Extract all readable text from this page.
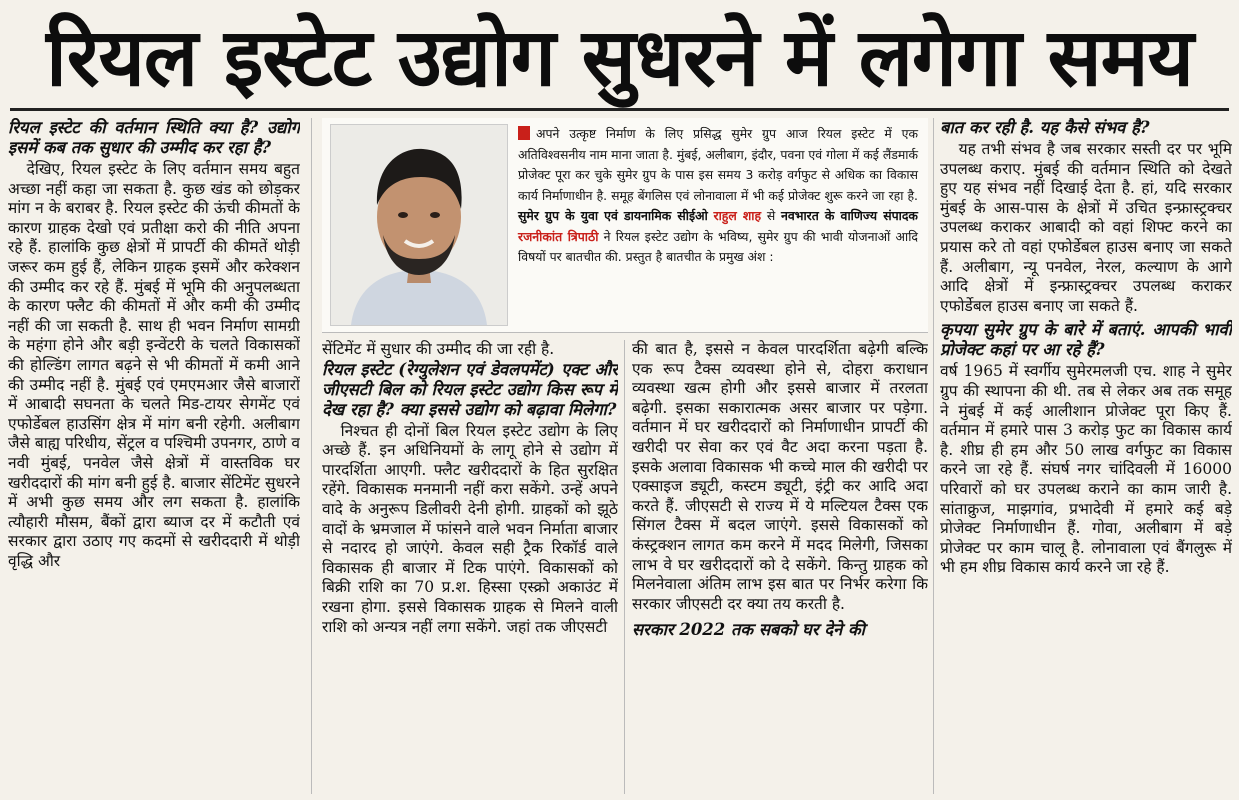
रियल इस्टेट उद्योग सुधरने में लगेगा समय

रियल इस्टेट की वर्तमान स्थिति क्या है? उद्योग इसमें कब तक सुधार की उम्मीद कर रहा है?

देखिए, रियल इस्टेट के लिए वर्तमान समय बहुत अच्छा नहीं कहा जा सकता है. कुछ खंड को छोड़कर मांग न के बराबर है. रियल इस्टेट की ऊंची कीमतों के कारण ग्राहक देखो एवं प्रतीक्षा करो की नीति अपना रहे हैं. हालांकि कुछ क्षेत्रों में प्रापर्टी की कीमतें थोड़ी जरूर कम हुई हैं, लेकिन ग्राहक इसमें और करेक्शन की उम्मीद कर रहे हैं. मुंबई में भूमि की अनुपलब्धता के कारण फ्लैट की कीमतों में और कमी की उम्मीद नहीं की जा सकती है. साथ ही भवन निर्माण सामग्री के महंगा होने और बड़ी इन्वेंटरी के चलते विकासकों की होल्डिंग लागत बढ़ने से भी कीमतों में कमी आने की उम्मीद नहीं है. मुंबई एवं एमएमआर जैसे बाजारों में आबादी सघनता के चलते मिड-टायर सेगमेंट एवं एफोर्डेबल हाउसिंग क्षेत्र में मांग बनी रहेगी. अलीबाग जैसे बाह्य परिधीय, सेंट्रल व पश्चिमी उपनगर, ठाणे व नवी मुंबई, पनवेल जैसे क्षेत्रों में वास्तविक घर खरीददारों की मांग बनी हुई है. बाजार सेंटिमेंट सुधरने में अभी कुछ समय और लग सकता है. हालांकि त्यौहारी मौसम, बैंकों द्वारा ब्याज दर में कटौती एवं सरकार द्वारा उठाए गए कदमों से खरीददारी में थोड़ी वृद्धि और

अपने उत्कृष्ट निर्माण के लिए प्रसिद्ध सुमेर ग्रुप आज रियल इस्टेट में एक अतिविश्वसनीय नाम माना जाता है. मुंबई, अलीबाग, इंदौर, पवना एवं गोला में कई लैंडमार्क प्रोजेक्ट पूरा कर चुके सुमेर ग्रुप के पास इस समय 3 करोड़ वर्गफुट से अधिक का विकास कार्य निर्माणाधीन है. समूह बेंगलिस एवं लोनावाला में भी कई प्रोजेक्ट शुरू करने जा रहा है. सुमेर ग्रुप के युवा एवं डायनामिक सीईओ राहुल शाह से नवभारत के वाणिज्य संपादक रजनीकांत त्रिपाठी ने रियल इस्टेट उद्योग के भविष्य, सुमेर ग्रुप की भावी योजनाओं आदि विषयों पर बातचीत की. प्रस्तुत है बातचीत के प्रमुख अंश :

सेंटिमेंट में सुधार की उम्मीद की जा रही है.

रियल इस्टेट (रेग्युलेशन एवं डेवलपमेंट) एक्ट और जीएसटी बिल को रियल इस्टेट उद्योग किस रूप में देख रहा है? क्या इससे उद्योग को बढ़ावा मिलेगा?

निश्चत ही दोनों बिल रियल इस्टेट उद्योग के लिए अच्छे हैं. इन अधिनियमों के लागू होने से उद्योग में पारदर्शिता आएगी. फ्लैट खरीददारों के हित सुरक्षित रहेंगे. विकासक मनमानी नहीं करा सकेंगे. उन्हें अपने वादे के अनुरूप डिलीवरी देनी होगी. ग्राहकों को झूठे वादों के भ्रमजाल में फांसने वाले भवन निर्माता बाजार से नदारद हो जाएंगे. केवल सही ट्रैक रिकॉर्ड वाले विकासक ही बाजार में टिक पाएंगे. विकासकों को बिक्री राशि का 70 प्र.श. हिस्सा एस्क्रो अकाउंट में रखना होगा. इससे विकासक ग्राहक से मिलने वाली राशि को अन्यत्र नहीं लगा सकेंगे. जहां तक जीएसटी

की बात है, इससे न केवल पारदर्शिता बढ़ेगी बल्कि एक रूप टैक्स व्यवस्था होने से, दोहरा कराधान व्यवस्था खत्म होगी और इससे बाजार में तरलता बढ़ेगी. इसका सकारात्मक असर बाजार पर पड़ेगा. वर्तमान में घर खरीददारों को निर्माणाधीन प्रापर्टी की खरीदी पर सेवा कर एवं वैट अदा करना पड़ता है. इसके अलावा विकासक भी कच्चे माल की खरीदी पर एक्साइज ड्यूटी, कस्टम ड्यूटी, इंट्री कर आदि अदा करते हैं. जीएसटी से राज्य में ये मल्टियल टैक्स एक सिंगल टैक्स में बदल जाएंगे. इससे विकासकों को कंस्ट्रक्शन लागत कम करने में मदद मिलेगी, जिसका लाभ वे घर खरीददारों को दे सकेंगे. किन्तु ग्राहक को मिलनेवाला अंतिम लाभ इस बात पर निर्भर करेगा कि सरकार जीएसटी दर क्या तय करती है.

सरकार 2022 तक सबको घर देने की

बात कर रही है. यह कैसे संभव है?

यह तभी संभव है जब सरकार सस्ती दर पर भूमि उपलब्ध कराए. मुंबई की वर्तमान स्थिति को देखते हुए यह संभव नहीं दिखाई देता है. हां, यदि सरकार मुंबई के आस-पास के क्षेत्रों में उचित इन्फ्रास्ट्रक्चर उपलब्ध कराकर आबादी को वहां शिफ्ट करने का प्रयास करे तो वहां एफोर्डेबल हाउस बनाए जा सकते हैं. अलीबाग, न्यू पनवेल, नेरल, कल्याण के आगे आदि क्षेत्रों में इन्फ्रास्ट्रक्चर उपलब्ध कराकर एफोर्डेबल हाउस बनाए जा सकते हैं.

कृपया सुमेर ग्रुप के बारे में बताएं. आपकी भावी प्रोजेक्ट कहां पर आ रहे हैं?

वर्ष 1965 में स्वर्गीय सुमेरमलजी एच. शाह ने सुमेर ग्रुप की स्थापना की थी. तब से लेकर अब तक समूह ने मुंबई में कई आलीशान प्रोजेक्ट पूरा किए हैं. वर्तमान में हमारे पास 3 करोड़ फुट का विकास कार्य है. शीघ्र ही हम और 50 लाख वर्गफुट का विकास करने जा रहे हैं. संघर्ष नगर चांदिवली में 16000 परिवारों को घर उपलब्ध कराने का काम जारी है. सांताक्रुज, माझगांव, प्रभादेवी में हमारे कई बड़े प्रोजेक्ट निर्माणाधीन हैं. गोवा, अलीबाग में बड़े प्रोजेक्ट पर काम चालू है. लोनावाला एवं बैंगलुरू में भी हम शीघ्र विकास कार्य करने जा रहे हैं.
